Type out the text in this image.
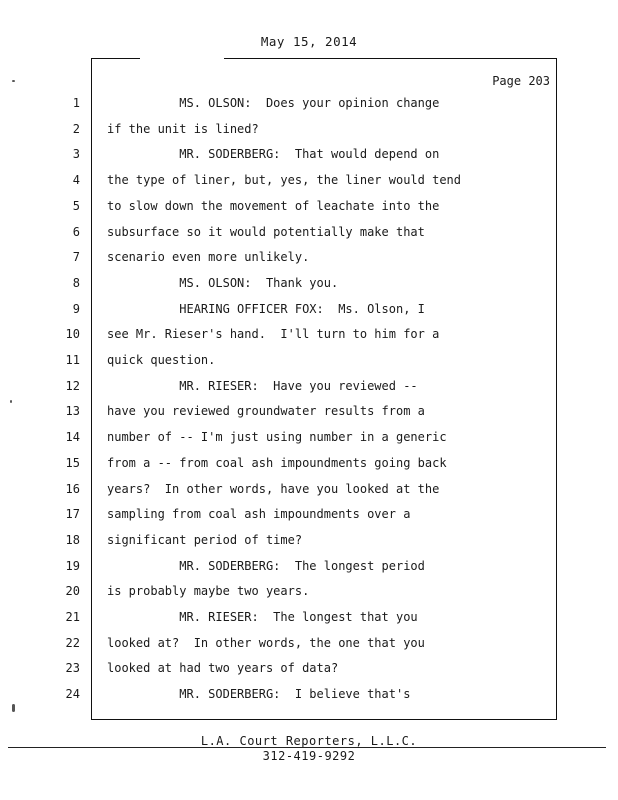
May 15, 2014
Page 203
1 MS. OLSON:  Does your opinion change
2 if the unit is lined?
3 MR. SODERBERG:  That would depend on
4 the type of liner, but, yes, the liner would tend
5 to slow down the movement of leachate into the
6 subsurface so it would potentially make that
7 scenario even more unlikely.
8 MS. OLSON:  Thank you.
9 HEARING OFFICER FOX:  Ms. Olson, I
10 see Mr. Rieser's hand.  I'll turn to him for a
11 quick question.
12 MR. RIESER:  Have you reviewed --
13 have you reviewed groundwater results from a
14 number of -- I'm just using number in a generic
15 from a -- from coal ash impoundments going back
16 years?  In other words, have you looked at the
17 sampling from coal ash impoundments over a
18 significant period of time?
19 MR. SODERBERG:  The longest period
20 is probably maybe two years.
21 MR. RIESER:  The longest that you
22 looked at?  In other words, the one that you
23 looked at had two years of data?
24 MR. SODERBERG:  I believe that's
L.A. Court Reporters, L.L.C.
312-419-9292
